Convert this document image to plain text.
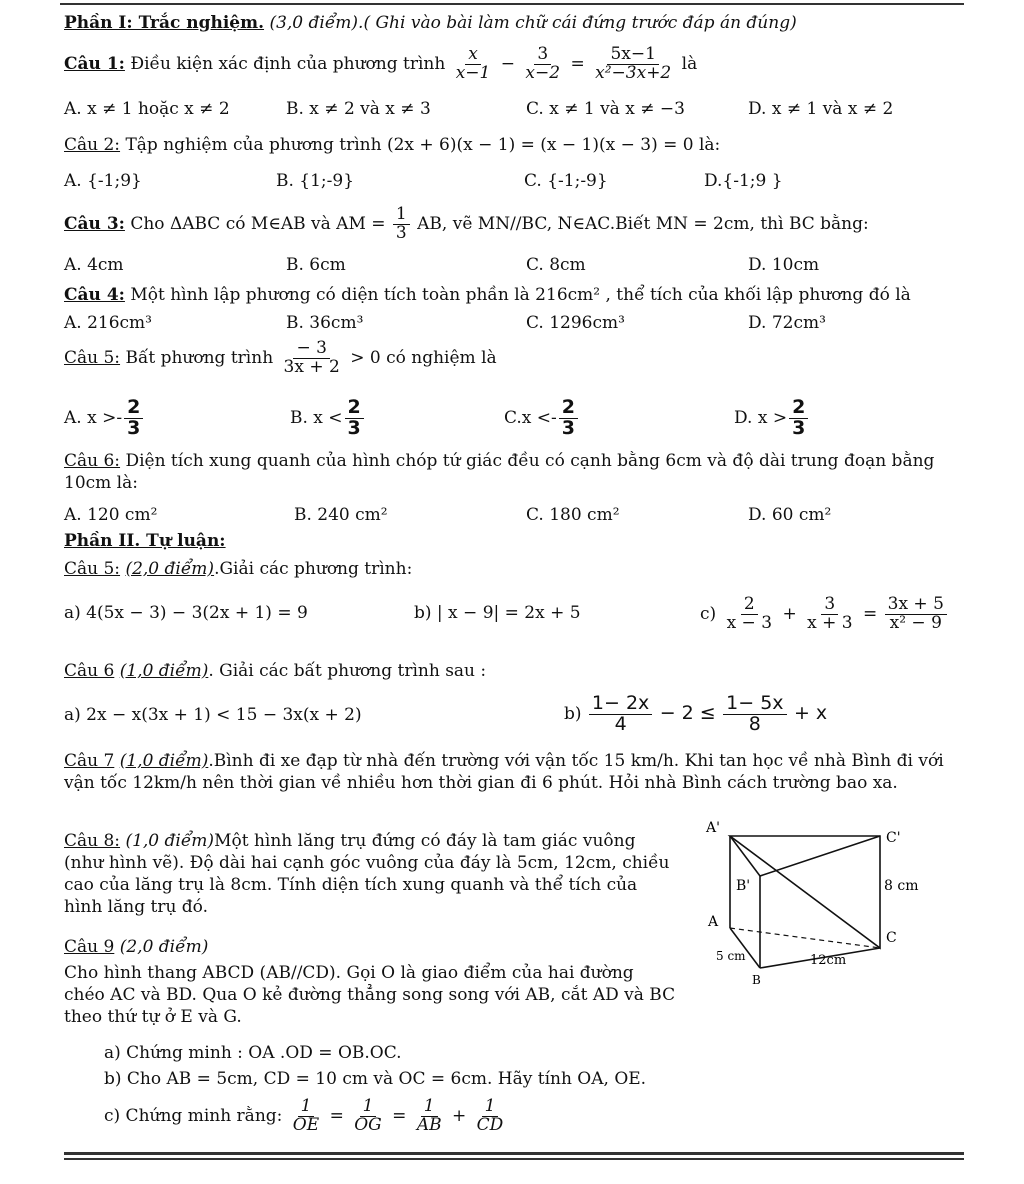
Phần I: Trắc nghiệm. (3,0 điểm).( Ghi vào bài làm chữ cái đứng trước đáp án đúng)
Câu 1: Điều kiện xác định của phương trình $\frac{x}{x-1} - \frac{3}{x-2} = \frac{5x-1}{\text{x²−3x+2}}$ là
A. x ≠ 1 hoặc x ≠ 2	B. x ≠ 2 và x ≠ 3	C. x ≠ 1 và x ≠ −3	D. x ≠ 1 và x ≠ 2
Câu 2: Tập nghiệm của phương trình (2x + 6)(x − 1) = (x − 1)(x − 3) = 0 là:
A. {-1;9}	B. {1;-9}	C. {-1;-9}	D.{-1;9 }
Câu 3: Cho ΔABC có M∈AB và AM = $\frac{1}{3}$ AB, vẽ MN//BC, N∈AC.Biết MN = 2cm, thì BC bằng:
A. 4cm	B. 6cm	C. 8cm	D. 10cm
Câu 4: Một hình lập phương có diện tích toàn phần là 216cm² , thể tích của khối lập phương đó là
A. 216cm³	B. 36cm³	C. 1296cm³	D. 72cm³
Câu 5: Bất phương trình $\frac{- 3}{3x + 2} > 0$ có nghiệm là
A. $x >- \frac{2}{3}$	B. $x < \frac{2}{3}$	$C.x <- \frac{2}{3}$	D. $x > \frac{2}{3}$
Câu 6: Diện tích xung quanh của hình chóp tứ giác đều có cạnh bằng 6cm và độ dài trung đoạn bằng 10cm là:
A. 120 cm²	B. 240 cm²	C. 180 cm²	D. 60 cm²
Phần II. Tự luận:
Câu 5: (2,0 điểm).Giải các phương trình:
a) 4(5x − 3) − 3(2x + 1) = 9	b) | x − 9| = 2x + 5	$c) \frac{2}{x - 3} + \frac{3}{x + 3} = \frac{3x + 5}{\text{x² − 9}}$
Câu 6 (1,0 điểm). Giải các bất phương trình sau :
a) 2x − x(3x + 1) < 15 − 3x(x + 2)	$b) \frac{1- 2x}{4} - 2 \le \frac{1- 5x}{8} + x$
Câu 7 (1,0 điểm).Bình đi xe đạp từ nhà đến trường với vận tốc 15 km/h. Khi tan học về nhà Bình đi với vận tốc 12km/h nên thời gian về nhiều hơn thời gian đi 6 phút. Hỏi nhà Bình cách trường bao xa.
Câu 8: (1,0 điểm)Một hình lăng trụ đứng có đáy là tam giác vuông (như hình vẽ). Độ dài hai cạnh góc vuông của đáy là 5cm, 12cm, chiều cao của lăng trụ là 8cm. Tính diện tích xung quanh và thể tích của hình lăng trụ đó.
A'
C'
B'
A
C
B
8 cm
5 cm	12cm
Câu 9 (2,0 điểm)
Cho hình thang ABCD (AB//CD). Gọi O là giao điểm của hai đường chéo AC và BD. Qua O kẻ đường thẳng song song với AB, cắt AD và BC theo thứ tự ở E và G.
a) Chứng minh : OA .OD = OB.OC.
b) Cho AB = 5cm, CD = 10 cm và OC = 6cm. Hãy tính OA, OE.
c) Chứng minh rằng: $\frac{1}{OE} = \frac{1}{OG} = \frac{1}{AB} + \frac{1}{CD}$
